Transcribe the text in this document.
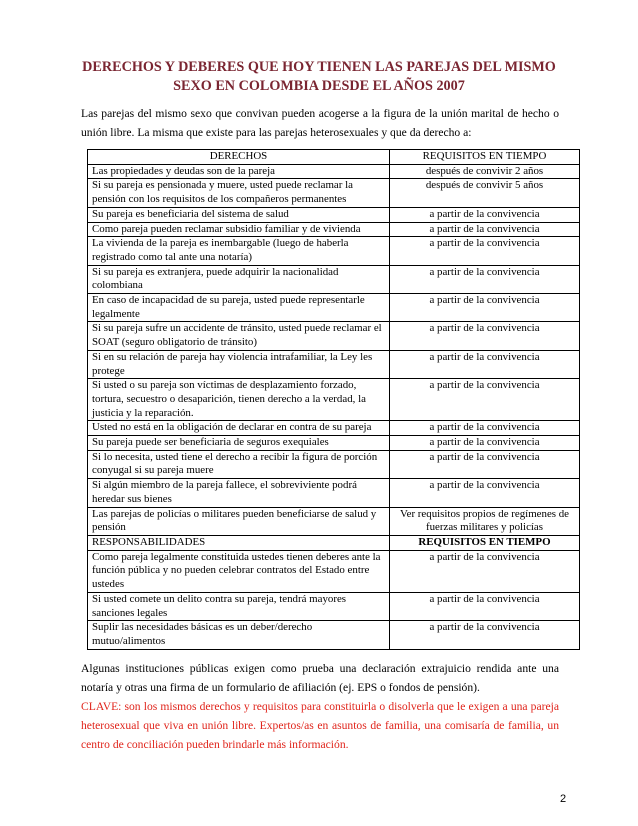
DERECHOS Y DEBERES QUE HOY TIENEN LAS PAREJAS DEL MISMO SEXO EN COLOMBIA DESDE EL AÑOS 2007
Las parejas del mismo sexo que convivan pueden acogerse a la figura de la unión marital de hecho o unión libre. La misma que existe para las parejas heterosexuales y que da derecho a:
DERECHOS	REQUISITOS EN TIEMPO
Las propiedades y deudas son de la pareja	después de convivir 2 años
Si su pareja es pensionada y muere, usted puede reclamar la pensión con los requisitos de los compañeros permanentes	después de convivir 5 años
Su pareja es beneficiaria del sistema de salud	a partir de la convivencia
Como pareja pueden reclamar subsidio familiar y de vivienda	a partir de la convivencia
La vivienda de la pareja es inembargable (luego de haberla registrado como tal ante una notaría)	a partir de la convivencia
Si su pareja es extranjera, puede adquirir la nacionalidad colombiana	a partir de la convivencia
En caso de incapacidad de su pareja, usted puede representarle legalmente	a partir de la convivencia
Si su pareja sufre un accidente de tránsito, usted puede reclamar el SOAT (seguro obligatorio de tránsito)	a partir de la convivencia
Si en su relación de pareja hay violencia intrafamiliar, la Ley les protege	a partir de la convivencia
Si usted o su pareja son víctimas de desplazamiento forzado, tortura, secuestro o desaparición, tienen derecho a la verdad, la justicia y la reparación.	a partir de la convivencia
Usted no está en la obligación de declarar en contra de su pareja	a partir de la convivencia
Su pareja puede ser beneficiaria de seguros exequiales	a partir de la convivencia
Si lo necesita, usted tiene el derecho a recibir la figura de porción conyugal si su pareja muere	a partir de la convivencia
Si algún miembro de la pareja fallece, el sobreviviente podrá heredar sus bienes	a partir de la convivencia
Las parejas de policías o militares pueden beneficiarse de salud y pensión	Ver requisitos propios de regímenes de fuerzas militares y policías
RESPONSABILIDADES	REQUISITOS EN TIEMPO
Como pareja legalmente constituida ustedes tienen deberes ante la función pública y no pueden celebrar contratos del Estado entre ustedes	a partir de la convivencia
Si usted comete un delito contra su pareja, tendrá mayores sanciones legales	a partir de la convivencia
Suplir las necesidades básicas es un deber/derecho mutuo/alimentos	a partir de la convivencia
Algunas instituciones públicas exigen como prueba una declaración extrajuicio rendida ante una notaría y otras una firma de un formulario de afiliación (ej. EPS o fondos de pensión).
CLAVE: son los mismos derechos y requisitos para constituirla o disolverla que le exigen a una pareja heterosexual que viva en unión libre. Expertos/as en asuntos de familia, una comisaría de familia, un centro de conciliación pueden brindarle más información.
2
